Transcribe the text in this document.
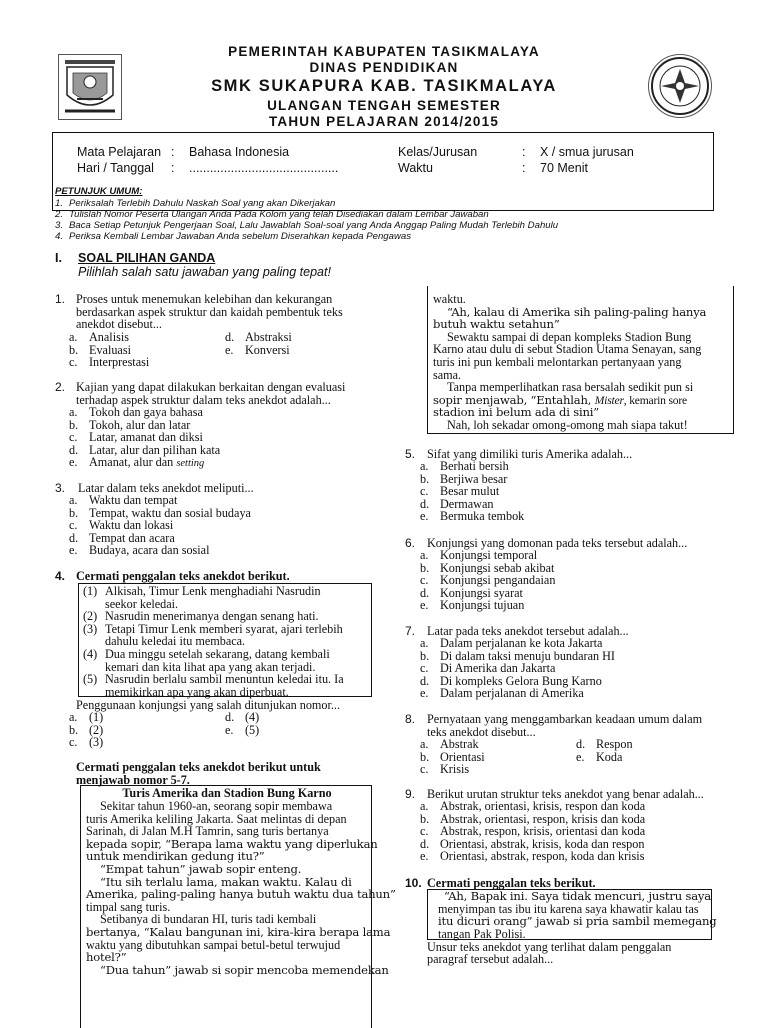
PEMERINTAH KABUPATEN TASIKMALAYA
DINAS PENDIDIKAN
SMK SUKAPURA KAB. TASIKMALAYA
ULANGAN TENGAH SEMESTER
TAHUN PELAJARAN 2014/2015
Mata Pelajaran : Bahasa Indonesia
Hari / Tanggal : ...........................................
Kelas/Jurusan	: X / smua jurusan
Waktu	: 70 Menit
PETUNJUK UMUM:
1. Periksalah Terlebih Dahulu Naskah Soal yang akan Dikerjakan
2. Tulislah Nomor Peserta Ulangan Anda Pada Kolom yang telah Disediakan dalam Lembar Jawaban
3. Baca Setiap Petunjuk Pengerjaan Soal, Lalu Jawablah Soal-soal yang Anda Anggap Paling Mudah Terlebih Dahulu
4. Periksa Kembali Lembar Jawaban Anda sebelum Diserahkan kepada Pengawas
I. SOAL PILIHAN GANDA
Pilihlah salah satu jawaban yang paling tepat!
1. Proses untuk menemukan kelebihan dan kekurangan
berdasarkan aspek struktur dan kaidah pembentuk teks
anekdot disebut...
a. Analisis
b. Evaluasi
c. Interprestasi
d. Abstraksi
e. Konversi
2. Kajian yang dapat dilakukan berkaitan dengan evaluasi
terhadap aspek struktur dalam teks anekdot adalah...
a. Tokoh dan gaya bahasa
b. Tokoh, alur dan latar
c. Latar, amanat dan diksi
d. Latar, alur dan pilihan kata
e. Amanat, alur dan setting
3. Latar dalam teks anekdot meliputi...
a. Waktu dan tempat
b. Tempat, waktu dan sosial budaya
c. Waktu dan lokasi
d. Tempat dan acara
e. Budaya, acara dan sosial
4. Cermati penggalan teks anekdot berikut.
(1) Alkisah, Timur Lenk menghadiahi Nasrudin
seekor keledai.
(2) Nasrudin menerimanya dengan senang hati.
(3) Tetapi Timur Lenk memberi syarat, ajari terlebih
dahulu keledai itu membaca.
(4) Dua minggu setelah sekarang, datang kembali
kemari dan kita lihat apa yang akan terjadi.
(5) Nasrudin berlalu sambil menuntun keledai itu. Ia
memikirkan apa yang akan diperbuat.
Penggunaan konjungsi yang salah ditunjukan nomor...
a. (1)
b. (2)
c. (3)
d. (4)
e. (5)
Cermati penggalan teks anekdot berikut untuk
menjawab nomor 5-7.
Turis Amerika dan Stadion Bung Karno
Sekitar tahun 1960-an, seorang sopir membawa
turis Amerika keliling Jakarta. Saat melintas di depan
Sarinah, di Jalan M.H Tamrin, sang turis bertanya
kepada sopir, “Berapa lama waktu yang diperlukan
untuk mendirikan gedung itu?”
“Empat tahun” jawab sopir enteng.
“Itu sih terlalu lama, makan waktu. Kalau di
Amerika, paling-paling hanya butuh waktu dua tahun”
timpal sang turis.
Setibanya di bundaran HI, turis tadi kembali
bertanya, “Kalau bangunan ini, kira-kira berapa lama
waktu yang dibutuhkan sampai betul-betul terwujud
hotel?”
“Dua tahun” jawab si sopir mencoba memendekan
waktu.
“Ah, kalau di Amerika sih paling-paling hanya
butuh waktu setahun”
Sewaktu sampai di depan kompleks Stadion Bung
Karno atau dulu di sebut Stadion Utama Senayan, sang
turis ini pun kembali melontarkan pertanyaan yang
sama.
Tanpa memperlihatkan rasa bersalah sedikit pun si
sopir menjawab, “Entahlah, Mister, kemarin sore
stadion ini belum ada di sini”
Nah, loh sekadar omong-omong mah siapa takut!
5. Sifat yang dimiliki turis Amerika adalah...
a. Berhati bersih
b. Berjiwa besar
c. Besar mulut
d. Dermawan
e. Bermuka tembok
6. Konjungsi yang domonan pada teks tersebut adalah...
a. Konjungsi temporal
b. Konjungsi sebab akibat
c. Konjungsi pengandaian
d. Konjungsi syarat
e. Konjungsi tujuan
7. Latar pada teks anekdot tersebut adalah...
a. Dalam perjalanan ke kota Jakarta
b. Di dalam taksi menuju bundaran HI
c. Di Amerika dan Jakarta
d. Di kompleks Gelora Bung Karno
e. Dalam perjalanan di Amerika
8. Pernyataan yang menggambarkan keadaan umum dalam
teks anekdot disebut...
a. Abstrak
b. Orientasi
c. Krisis
d. Respon
e. Koda
9. Berikut urutan struktur teks anekdot yang benar adalah...
a. Abstrak, orientasi, krisis, respon dan koda
b. Abstrak, orientasi, respon, krisis dan koda
c. Abstrak, respon, krisis, orientasi dan koda
d. Orientasi, abstrak, krisis, koda dan respon
e. Orientasi, abstrak, respon, koda dan krisis
10. Cermati penggalan teks berikut.
“Ah, Bapak ini. Saya tidak mencuri, justru saya
menyimpan tas ibu itu karena saya khawatir kalau tas
itu dicuri orang” jawab si pria sambil memegang
tangan Pak Polisi.
Unsur teks anekdot yang terlihat dalam penggalan
paragraf tersebut adalah...
